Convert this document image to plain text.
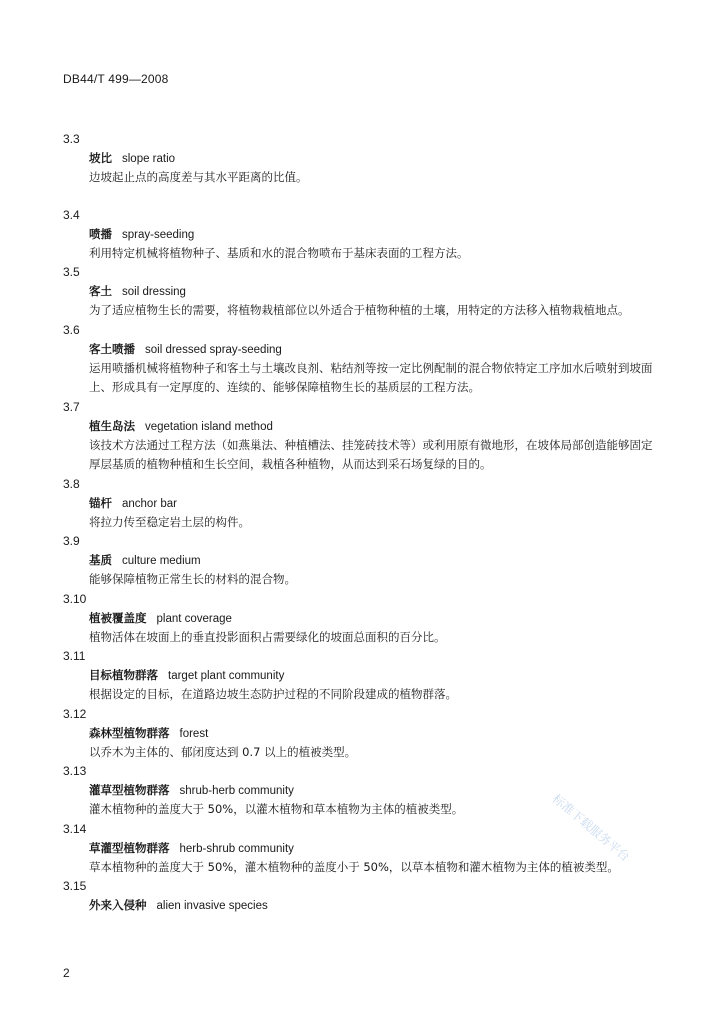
DB44/T 499—2008
3.3
坡比 slope ratio
边坡起止点的高度差与其水平距离的比值。
3.4
喷播 spray-seeding
利用特定机械将植物种子、基质和水的混合物喷布于基床表面的工程方法。
3.5
客土 soil dressing
为了适应植物生长的需要，将植物栽植部位以外适合于植物种植的土壤，用特定的方法移入植物栽植地点。
3.6
客土喷播 soil dressed spray-seeding
运用喷播机械将植物种子和客土与土壤改良剂、粘结剂等按一定比例配制的混合物依特定工序加水后喷射到坡面上、形成具有一定厚度的、连续的、能够保障植物生长的基质层的工程方法。
3.7
植生岛法 vegetation island method
该技术方法通过工程方法（如燕巢法、种植槽法、挂笼砖技术等）或利用原有微地形，在坡体局部创造能够固定厚层基质的植物种植和生长空间，栽植各种植物，从而达到采石场复绿的目的。
3.8
锚杆 anchor bar
将拉力传至稳定岩土层的构件。
3.9
基质 culture medium
能够保障植物正常生长的材料的混合物。
3.10
植被覆盖度 plant coverage
植物活体在坡面上的垂直投影面积占需要绿化的坡面总面积的百分比。
3.11
目标植物群落 target plant community
根据设定的目标，在道路边坡生态防护过程的不同阶段建成的植物群落。
3.12
森林型植物群落 forest
以乔木为主体的、郁闭度达到 0.7 以上的植被类型。
3.13
灌草型植物群落 shrub-herb community
灌木植物种的盖度大于 50%，以灌木植物和草本植物为主体的植被类型。
3.14
草灌型植物群落 herb-shrub community
草本植物种的盖度大于 50%，灌木植物种的盖度小于 50%，以草本植物和灌木植物为主体的植被类型。
3.15
外来入侵种 alien invasive species
2
标准下载服务平台
